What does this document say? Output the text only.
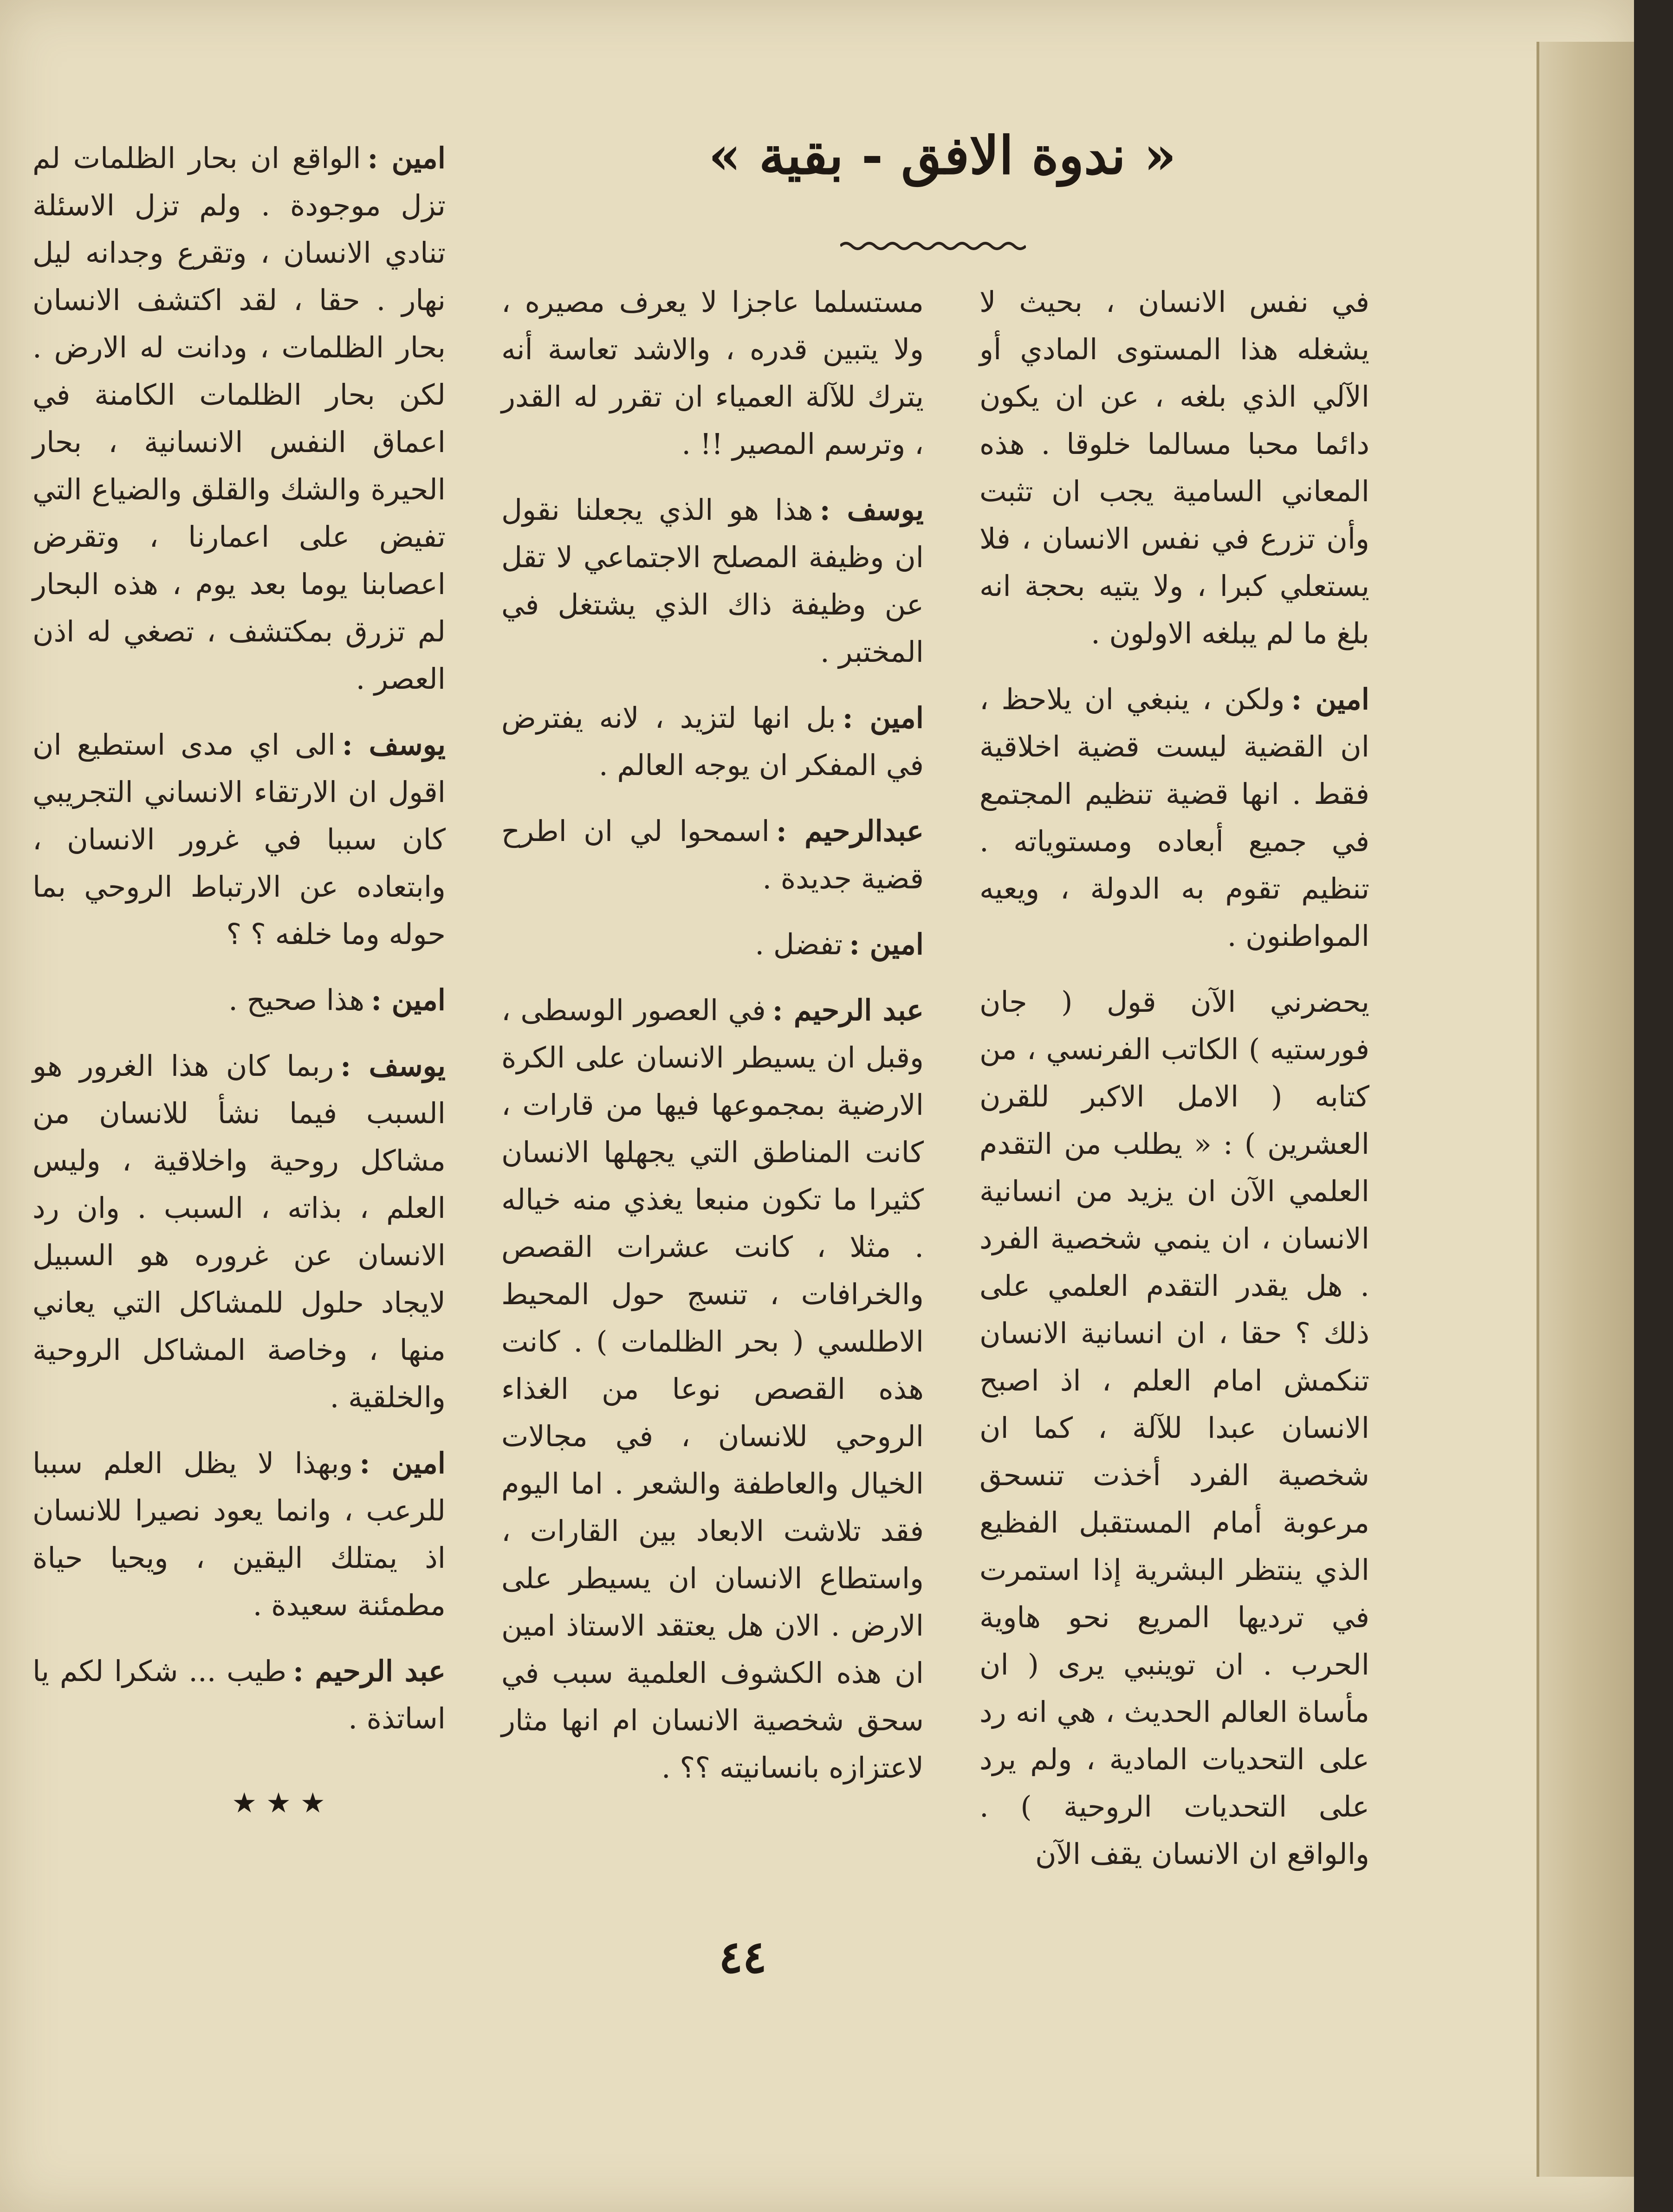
« ندوة الافق - بقية »

في نفس الانسان ، بحيث لا يشغله هذا المستوى المادي أو الآلي الذي بلغه ، عن ان يكون دائما محبا مسالما خلوقا . هذه المعاني السامية يجب ان تثبت وأن تزرع في نفس الانسان ، فلا يستعلي كبرا ، ولا يتيه بحجة انه بلغ ما لم يبلغه الاولون .

امين :ولكن ، ينبغي ان يلاحظ ، ان القضية ليست قضية اخلاقية فقط . انها قضية تنظيم المجتمع في جميع أبعاده ومستوياته . تنظيم تقوم به الدولة ، ويعيه المواطنون .

يحضرني الآن قول ( جان فورستيه ) الكاتب الفرنسي ، من كتابه ( الامل الاكبر للقرن العشرين ) : « يطلب من التقدم العلمي الآن ان يزيد من انسانية الانسان ، ان ينمي شخصية الفرد . هل يقدر التقدم العلمي على ذلك ؟ حقا ، ان انسانية الانسان تنكمش امام العلم ، اذ اصبح الانسان عبدا للآلة ، كما ان شخصية الفرد أخذت تنسحق مرعوبة أمام المستقبل الفظيع الذي ينتظر البشرية إذا استمرت في ترديها المريع نحو هاوية الحرب . ان توينبي يرى ( ان مأساة العالم الحديث ، هي انه رد على التحديات المادية ، ولم يرد على التحديات الروحية ) . والواقع ان الانسان يقف الآن

مستسلما عاجزا لا يعرف مصيره ، ولا يتبين قدره ، والاشد تعاسة أنه يترك للآلة العمياء ان تقرر له القدر ، وترسم المصير !! .

يوسف :هذا هو الذي يجعلنا نقول ان وظيفة المصلح الاجتماعي لا تقل عن وظيفة ذاك الذي يشتغل في المختبر .

امين :بل انها لتزيد ، لانه يفترض في المفكر ان يوجه العالم .

عبدالرحيم :اسمحوا لي ان اطرح قضية جديدة .

امين :تفضل .

عبد الرحيم :في العصور الوسطى ، وقبل ان يسيطر الانسان على الكرة الارضية بمجموعها فيها من قارات ، كانت المناطق التي يجهلها الانسان كثيرا ما تكون منبعا يغذي منه خياله . مثلا ، كانت عشرات القصص والخرافات ، تنسج حول المحيط الاطلسي ( بحر الظلمات ) . كانت هذه القصص نوعا من الغذاء الروحي للانسان ، في مجالات الخيال والعاطفة والشعر . اما اليوم فقد تلاشت الابعاد بين القارات ، واستطاع الانسان ان يسيطر على الارض . الان هل يعتقد الاستاذ امين ان هذه الكشوف العلمية سبب في سحق شخصية الانسان ام انها مثار لاعتزازه بانسانيته ؟؟ .

امين :الواقع ان بحار الظلمات لم تزل موجودة . ولم تزل الاسئلة تنادي الانسان ، وتقرع وجدانه ليل نهار . حقا ، لقد اكتشف الانسان بحار الظلمات ، ودانت له الارض . لكن بحار الظلمات الكامنة في اعماق النفس الانسانية ، بحار الحيرة والشك والقلق والضياع التي تفيض على اعمارنا ، وتقرض اعصابنا يوما بعد يوم ، هذه البحار لم تزرق بمكتشف ، تصغي له اذن العصر .

يوسف :الى اي مدى استطيع ان اقول ان الارتقاء الانساني التجريبي كان سببا في غرور الانسان ، وابتعاده عن الارتباط الروحي بما حوله وما خلفه ؟ ؟

امين :هذا صحيح .

يوسف :ربما كان هذا الغرور هو السبب فيما نشأ للانسان من مشاكل روحية واخلاقية ، وليس العلم ، بذاته ، السبب . وان رد الانسان عن غروره هو السبيل لايجاد حلول للمشاكل التي يعاني منها ، وخاصة المشاكل الروحية والخلقية .

امين :وبهذا لا يظل العلم سببا للرعب ، وانما يعود نصيرا للانسان اذ يمتلك اليقين ، ويحيا حياة مطمئنة سعيدة .

عبد الرحيم :طيب ... شكرا لكم يا اساتذة .

★★★
٤٤
